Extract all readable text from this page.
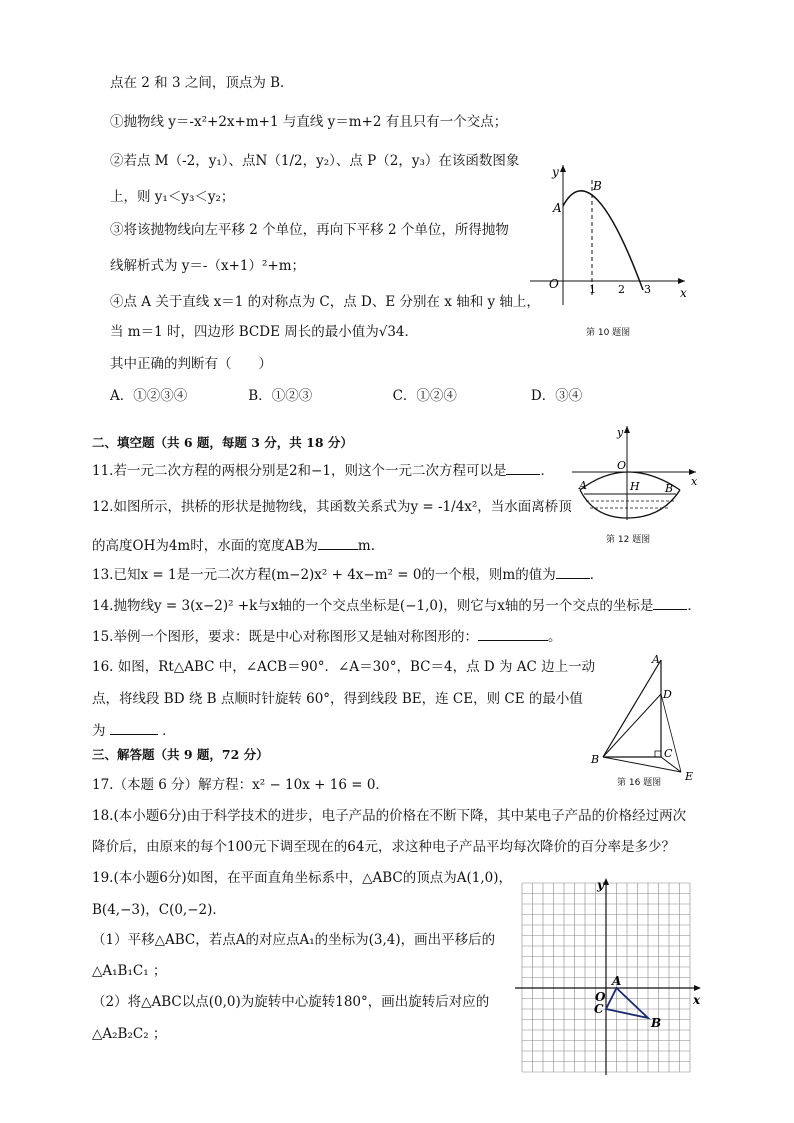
点在 2 和 3 之间，顶点为 B．
①抛物线 y＝-x²+2x+m+1 与直线 y＝m+2 有且只有一个交点；
②若点 M（-2，y₁）、点N（1/2，y₂）、点 P（2，y₃）在该函数图象
上，则 y₁＜y₃＜y₂；
③将该抛物线向左平移 2 个单位，再向下平移 2 个单位，所得抛物
线解析式为 y＝-（x+1）²+m；
④点 A 关于直线 x＝1 的对称点为 C，点 D、E 分别在 x 轴和 y 轴上，
当 m＝1 时，四边形 BCDE 周长的最小值为√34．
其中正确的判断有（　　）
A．①②③④	B．①②③	C．①②④	D．③④
y
x
O
A
B
1 2 3
第 10 题图
二、填空题（共 6 题，每题 3 分，共 18 分）
11.若一元二次方程的两根分别是2和−1，则这个一元二次方程可以是	．
12.如图所示，拱桥的形状是抛物线，其函数关系式为y = -1/4x²，当水面离桥顶
的高度OH为4m时，水面的宽度AB为	m.
y
x
O
A	H B
第 12 题图
13.已知x = 1是一元二次方程(m−2)x² + 4x−m² = 0的一个根，则m的值为	．
14.抛物线y = 3(x−2)² +k与x轴的一个交点坐标是(−1,0)，则它与x轴的另一个交点的坐标是	．
15.举例一个图形，要求：既是中心对称图形又是轴对称图形的：	。
16. 如图，Rt△ABC 中，∠ACB＝90°．∠A＝30°，BC＝4，点 D 为 AC 边上一动
点，将线段 BD 绕 B 点顺时针旋转 60°，得到线段 BE，连 CE，则 CE 的最小值
为	．
A
D
B	C
E
第 16 题图
三、解答题（共 9 题，72 分）
17.（本题 6 分）解方程：x² − 10x + 16 = 0．
18.(本小题6分)由于科学技术的进步，电子产品的价格在不断下降，其中某电子产品的价格经过两次
降价后，由原来的每个100元下调至现在的64元，求这种电子产品平均每次降价的百分率是多少？
19.(本小题6分)如图，在平面直角坐标系中，△ABC的顶点为A(1,0)，
B(4,−3)，C(0,−2)．
（1）平移△ABC，若点A的对应点A₁的坐标为(3,4)，画出平移后的
△A₁B₁C₁ ；
（2）将△ABC以点(0,0)为旋转中心旋转180°，画出旋转后对应的
△A₂B₂C₂ ；
y
x
O
A
B
C
